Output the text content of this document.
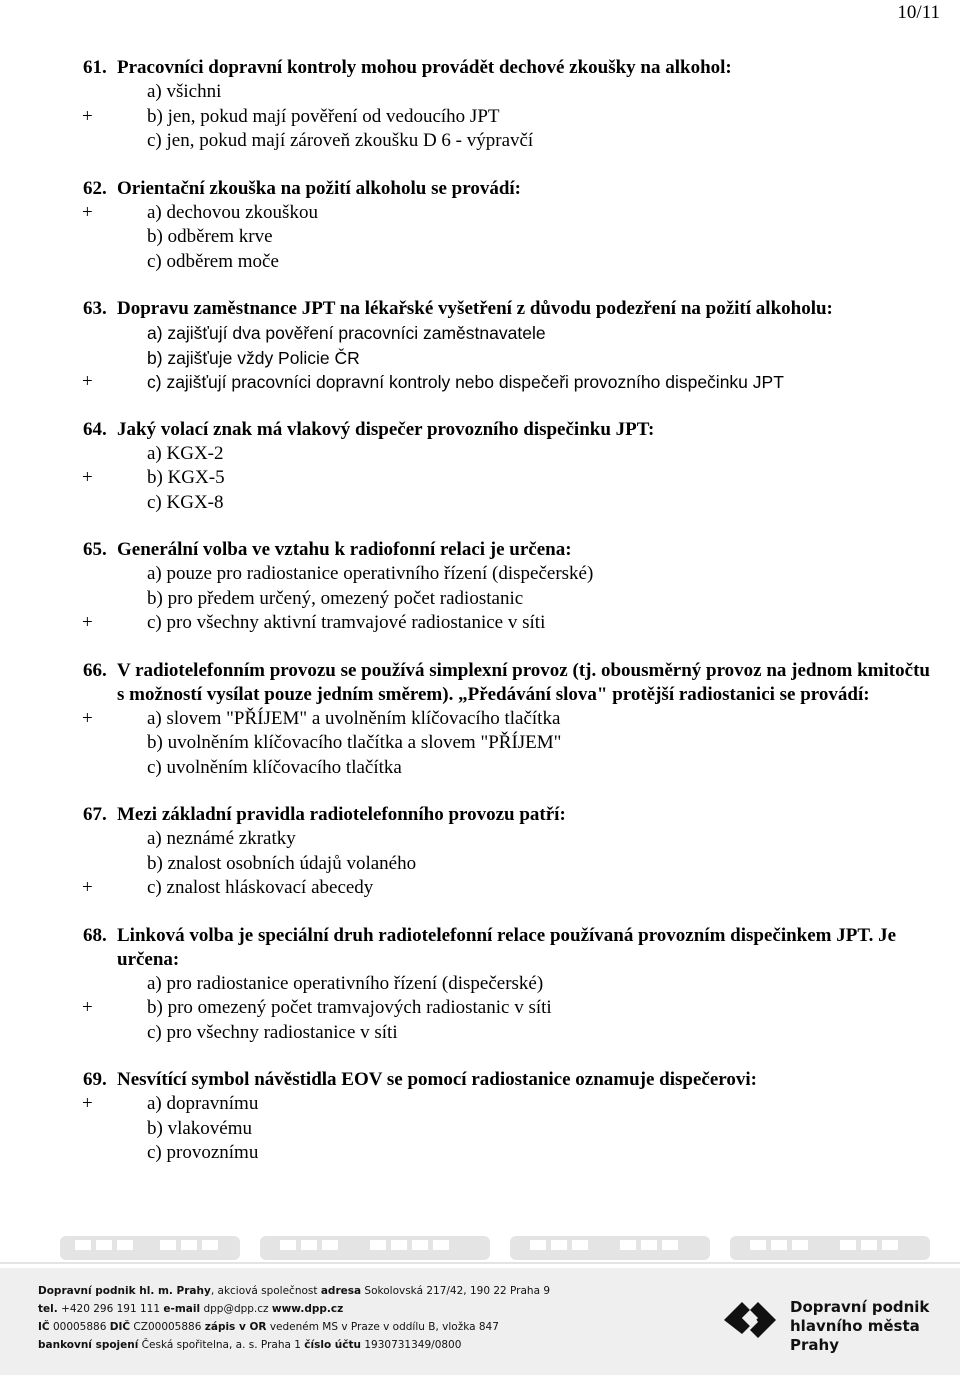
10/11
61. Pracovníci dopravní kontroly mohou provádět dechové zkoušky na alkohol:
a) všichni
+	b) jen, pokud mají pověření od vedoucího JPT
c) jen, pokud mají zároveň zkoušku D 6 - výpravčí
62. Orientační zkouška na požití alkoholu se provádí:
+	a) dechovou zkouškou
b) odběrem krve
c) odběrem moče
63. Dopravu zaměstnance JPT na lékařské vyšetření z důvodu podezření na požití alkoholu:
a) zajišťují dva pověření pracovníci zaměstnavatele
b) zajišťuje vždy Policie ČR
+	c) zajišťují pracovníci dopravní kontroly nebo dispečeři provozního dispečinku JPT
64. Jaký volací znak má vlakový dispečer provozního dispečinku JPT:
a) KGX-2
+	b) KGX-5
c) KGX-8
65. Generální volba ve vztahu k radiofonní relaci je určena:
a) pouze pro radiostanice operativního řízení (dispečerské)
b) pro předem určený, omezený počet radiostanic
+	c) pro všechny aktivní tramvajové radiostanice v síti
66. V radiotelefonním provozu se používá simplexní provoz (tj. obousměrný provoz na jednom kmitočtu s možností vysílat pouze jedním směrem). „Předávání slova" protější radiostanici se provádí:
+	a) slovem "PŘÍJEM" a uvolněním klíčovacího tlačítka
b) uvolněním klíčovacího tlačítka a slovem "PŘÍJEM"
c) uvolněním klíčovacího tlačítka
67. Mezi základní pravidla radiotelefonního provozu patří:
a) neznámé zkratky
b) znalost osobních údajů volaného
+	c) znalost hláskovací abecedy
68. Linková volba je speciální druh radiotelefonní relace používaná provozním dispečinkem JPT. Je určena:
a) pro radiostanice operativního řízení (dispečerské)
+	b) pro omezený počet tramvajových radiostanic v síti
c) pro všechny radiostanice v síti
69. Nesvítící symbol návěstidla EOV se pomocí radiostanice oznamuje dispečerovi:
+	a) dopravnímu
b) vlakovému
c) provoznímu
Dopravní podnik hl. m. Prahy, akciová společnost adresa Sokolovská 217/42, 190 22 Praha 9
tel. +420 296 191 111 e-mail dpp@dpp.cz www.dpp.cz
IČ 00005886 DIČ CZ00005886 zápis v OR vedeném MS v Praze v oddílu B, vložka 847
bankovní spojení Česká spořitelna, a. s. Praha 1 číslo účtu 1930731349/0800
Dopravní podnik
hlavního města Prahy
